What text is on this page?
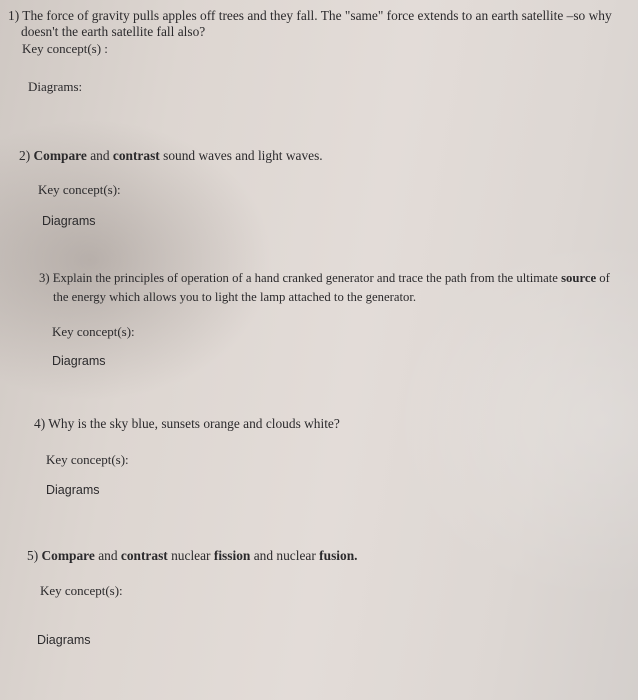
1) The force of gravity pulls apples off trees and they fall. The "same" force extends to an earth satellite –so why
doesn't the earth satellite fall also?
Key concept(s) :
Diagrams:
2) Compare and contrast sound waves and light waves.
Key concept(s):
Diagrams
3) Explain the principles of operation of a hand cranked generator and trace the path from the ultimate source of
the energy which allows you to light the lamp attached to the generator.
Key concept(s):
Diagrams
4) Why is the sky blue, sunsets orange and clouds white?
Key concept(s):
Diagrams
5) Compare and contrast nuclear fission and nuclear fusion.
Key concept(s):
Diagrams
